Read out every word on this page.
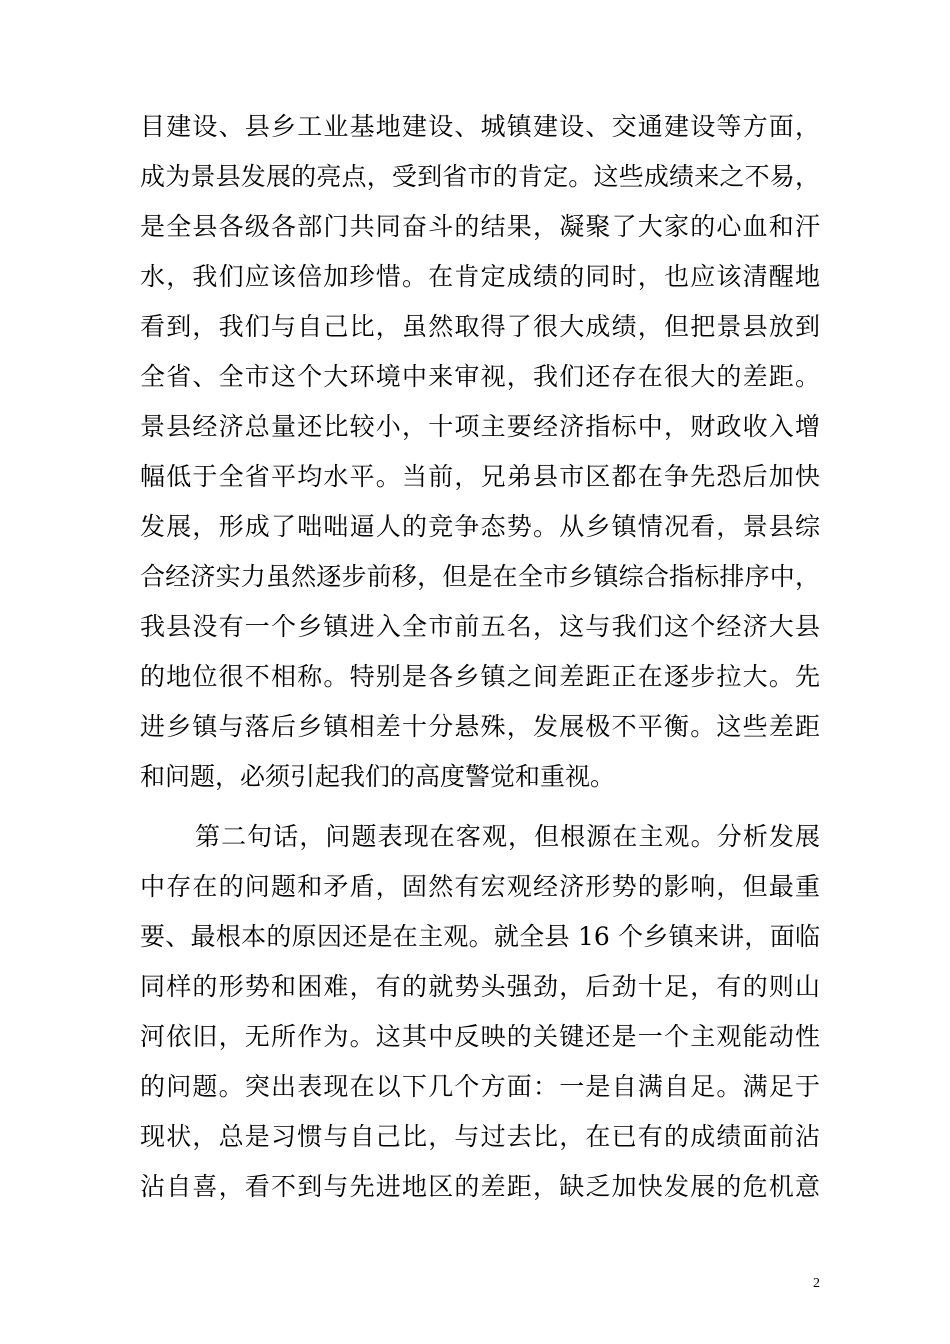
目建设、县乡工业基地建设、城镇建设、交通建设等方面，
成为景县发展的亮点，受到省市的肯定。这些成绩来之不易，
是全县各级各部门共同奋斗的结果，凝聚了大家的心血和汗
水，我们应该倍加珍惜。在肯定成绩的同时，也应该清醒地
看到，我们与自己比，虽然取得了很大成绩，但把景县放到
全省、全市这个大环境中来审视，我们还存在很大的差距。
景县经济总量还比较小，十项主要经济指标中，财政收入增
幅低于全省平均水平。当前，兄弟县市区都在争先恐后加快
发展，形成了咄咄逼人的竞争态势。从乡镇情况看，景县综
合经济实力虽然逐步前移，但是在全市乡镇综合指标排序中，
我县没有一个乡镇进入全市前五名，这与我们这个经济大县
的地位很不相称。特别是各乡镇之间差距正在逐步拉大。先
进乡镇与落后乡镇相差十分悬殊，发展极不平衡。这些差距
和问题，必须引起我们的高度警觉和重视。
第二句话，问题表现在客观，但根源在主观。分析发展
中存在的问题和矛盾，固然有宏观经济形势的影响，但最重
要、最根本的原因还是在主观。就全县 16 个乡镇来讲，面临
同样的形势和困难，有的就势头强劲，后劲十足，有的则山
河依旧，无所作为。这其中反映的关键还是一个主观能动性
的问题。突出表现在以下几个方面：一是自满自足。满足于
现状，总是习惯与自己比，与过去比，在已有的成绩面前沾
沾自喜，看不到与先进地区的差距，缺乏加快发展的危机意
2
